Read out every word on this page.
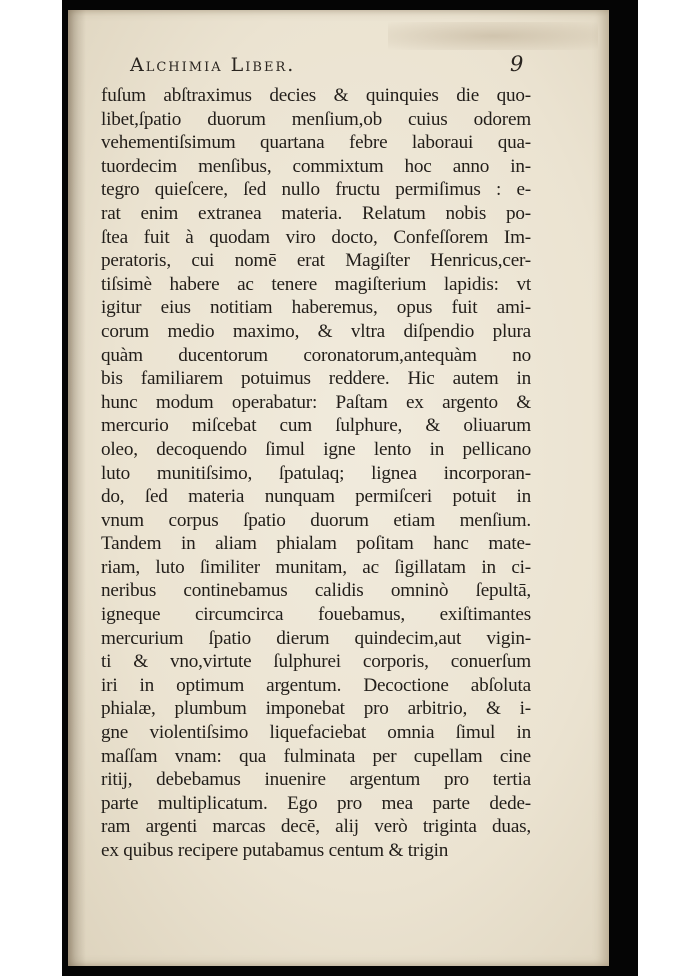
Alchimia Liber.	9
fuſum abſtraximus decies & quinquies die quo-
libet,ſpatio duorum menſium,ob cuius odorem
vehementiſsimum quartana febre laboraui qua-
tuordecim menſibus, commixtum hoc anno in-
tegro quieſcere, ſed nullo fructu permiſimus : e-
rat enim extranea materia. Relatum nobis po-
ſtea fuit à quodam viro docto, Confeſſorem Im-
peratoris, cui nomē erat Magiſter Henricus,cer-
tiſsimè habere ac tenere magiſterium lapidis: vt
igitur eius notitiam haberemus, opus fuit ami-
corum medio maximo, & vltra diſpendio plura
quàm ducentorum coronatorum,antequàm no
bis familiarem potuimus reddere. Hic autem in
hunc modum operabatur: Paſtam ex argento &
mercurio miſcebat cum ſulphure, & oliuarum
oleo, decoquendo ſimul igne lento in pellicano
luto munitiſsimo, ſpatulaq; lignea incorporan-
do, ſed materia nunquam permiſceri potuit in
vnum corpus ſpatio duorum etiam menſium.
Tandem in aliam phialam poſitam hanc mate-
riam, luto ſimiliter munitam, ac ſigillatam in ci-
neribus continebamus calidis omninò ſepultā,
igneque circumcirca fouebamus, exiſtimantes
mercurium ſpatio dierum quindecim,aut vigin-
ti & vno,virtute ſulphurei corporis, conuerſum
iri in optimum argentum. Decoctione abſoluta
phialæ, plumbum imponebat pro arbitrio, & i-
gne violentiſsimo liquefaciebat omnia ſimul in
maſſam vnam: qua fulminata per cupellam cine
ritij, debebamus inuenire argentum pro tertia
parte multiplicatum. Ego pro mea parte dede-
ram argenti marcas decē, alij verò triginta duas,
ex quibus recipere putabamus centum & trigin
